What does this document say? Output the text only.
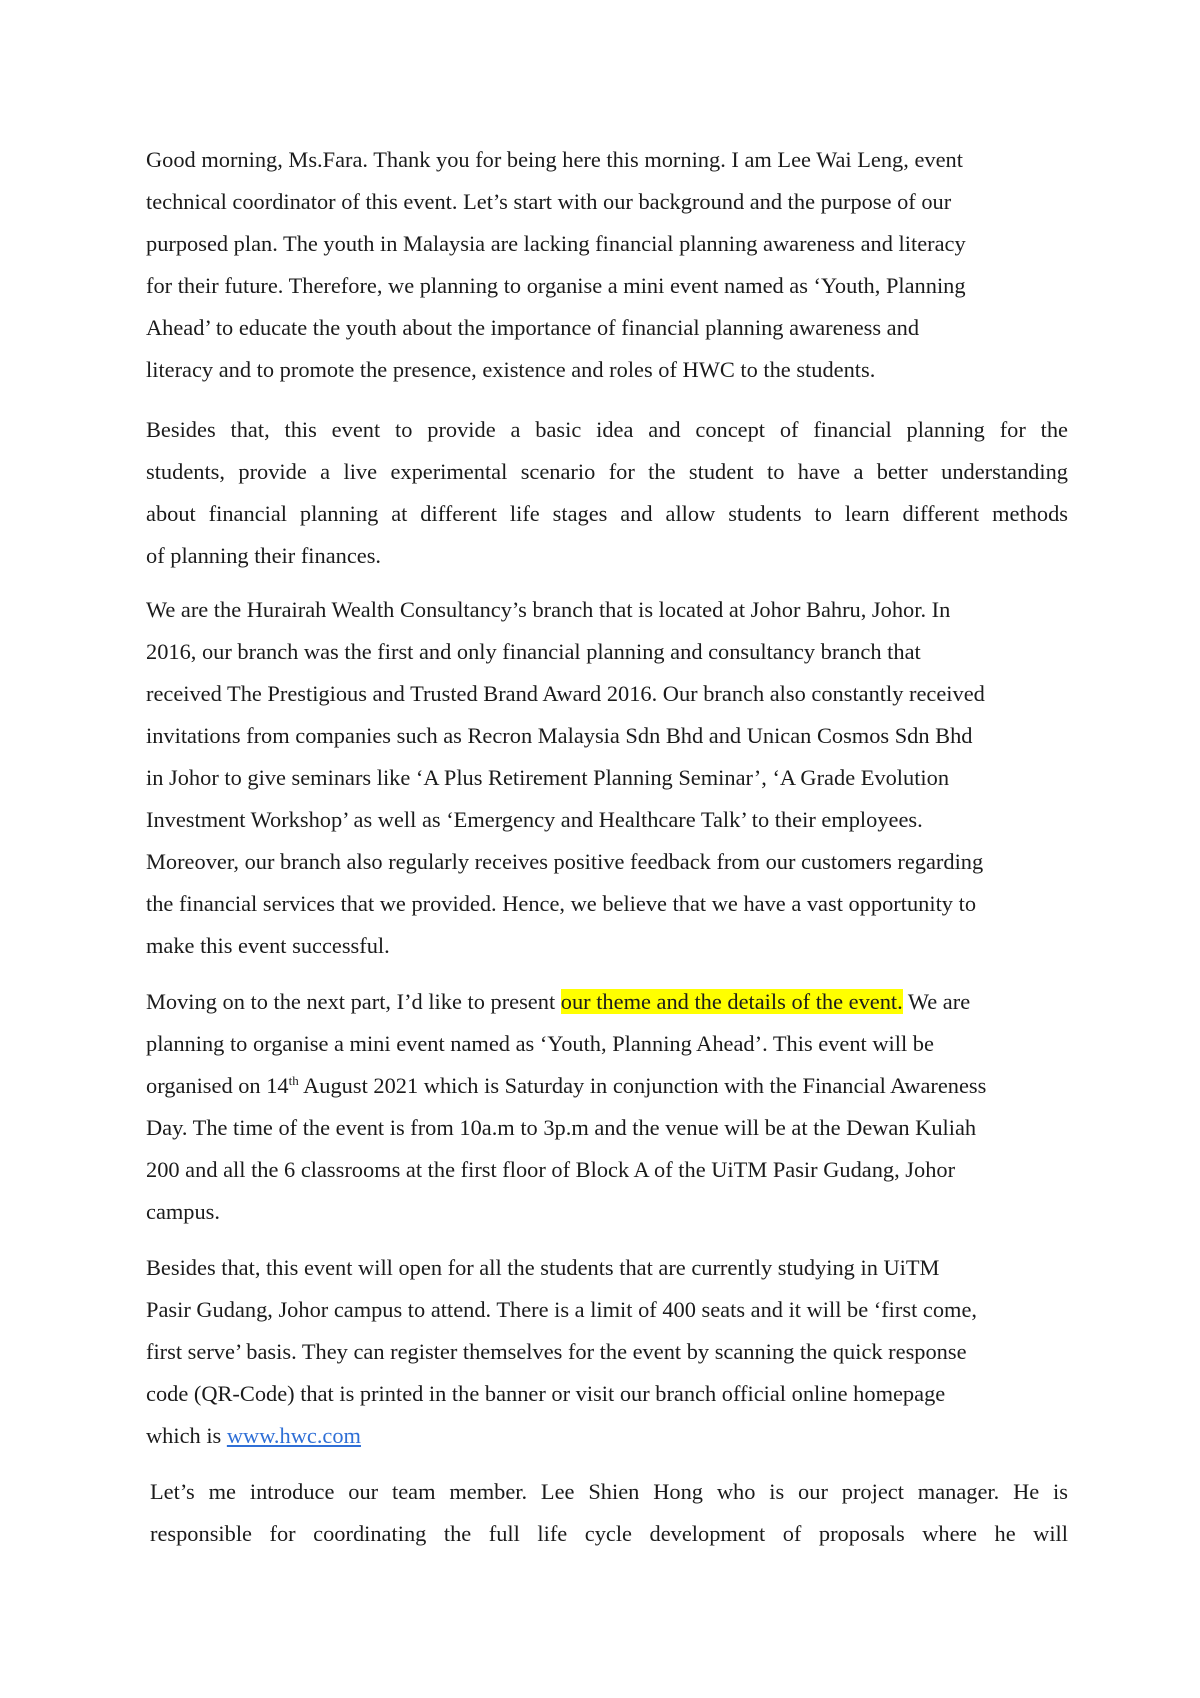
Good morning, Ms.Fara. Thank you for being here this morning. I am Lee Wai Leng, event
technical coordinator of this event. Let’s start with our background and the purpose of our
purposed plan. The youth in Malaysia are lacking financial planning awareness and literacy
for their future. Therefore, we planning to organise a mini event named as ‘Youth, Planning
Ahead’ to educate the youth about the importance of financial planning awareness and
literacy and to promote the presence, existence and roles of HWC to the students.
Besides that, this event to provide a basic idea and concept of financial planning for the
students, provide a live experimental scenario for the student to have a better understanding
about financial planning at different life stages and allow students to learn different methods
of planning their finances.
We are the Hurairah Wealth Consultancy’s branch that is located at Johor Bahru, Johor. In
2016, our branch was the first and only financial planning and consultancy branch that
received The Prestigious and Trusted Brand Award 2016. Our branch also constantly received
invitations from companies such as Recron Malaysia Sdn Bhd and Unican Cosmos Sdn Bhd
in Johor to give seminars like ‘A Plus Retirement Planning Seminar’, ‘A Grade Evolution
Investment Workshop’ as well as ‘Emergency and Healthcare Talk’ to their employees.
Moreover, our branch also regularly receives positive feedback from our customers regarding
the financial services that we provided. Hence, we believe that we have a vast opportunity to
make this event successful.
Moving on to the next part, I’d like to present our theme and the details of the event. We are
planning to organise a mini event named as ‘Youth, Planning Ahead’. This event will be
organised on 14th August 2021 which is Saturday in conjunction with the Financial Awareness
Day. The time of the event is from 10a.m to 3p.m and the venue will be at the Dewan Kuliah
200 and all the 6 classrooms at the first floor of Block A of the UiTM Pasir Gudang, Johor
campus.
Besides that, this event will open for all the students that are currently studying in UiTM
Pasir Gudang, Johor campus to attend. There is a limit of 400 seats and it will be ‘first come,
first serve’ basis. They can register themselves for the event by scanning the quick response
code (QR-Code) that is printed in the banner or visit our branch official online homepage
which is www.hwc.com
Let’s me introduce our team member. Lee Shien Hong who is our project manager. He is
responsible for coordinating the full life cycle development of proposals where he will
